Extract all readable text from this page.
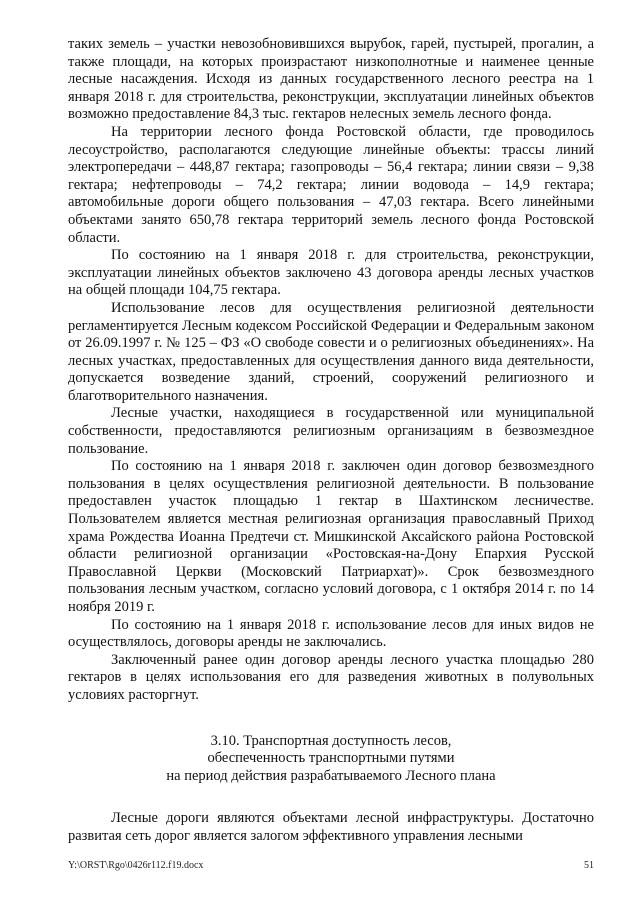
таких земель – участки невозобновившихся вырубок, гарей, пустырей, прогалин, а также площади, на которых произрастают низкополнотные и наименее ценные лесные насаждения. Исходя из данных государственного лесного реестра на 1 января 2018 г. для строительства, реконструкции, эксплуатации линейных объектов возможно предоставление 84,3 тыс. гектаров нелесных земель лесного фонда.

На территории лесного фонда Ростовской области, где проводилось лесоустройство, располагаются следующие линейные объекты: трассы линий электропередачи – 448,87 гектара; газопроводы – 56,4 гектара; линии связи – 9,38 гектара; нефтепроводы – 74,2 гектара; линии водовода – 14,9 гектара; автомобильные дороги общего пользования – 47,03 гектара. Всего линейными объектами занято 650,78 гектара территорий земель лесного фонда Ростовской области.

По состоянию на 1 января 2018 г. для строительства, реконструкции, эксплуатации линейных объектов заключено 43 договора аренды лесных участков на общей площади 104,75 гектара.

Использование лесов для осуществления религиозной деятельности регламентируется Лесным кодексом Российской Федерации и Федеральным законом от 26.09.1997 г. № 125 – ФЗ «О свободе совести и о религиозных объединениях». На лесных участках, предоставленных для осуществления данного вида деятельности, допускается возведение зданий, строений, сооружений религиозного и благотворительного назначения.

Лесные участки, находящиеся в государственной или муниципальной собственности, предоставляются религиозным организациям в безвозмездное пользование.

По состоянию на 1 января 2018 г. заключен один договор безвозмездного пользования в целях осуществления религиозной деятельности. В пользование предоставлен участок площадью 1 гектар в Шахтинском лесничестве. Пользователем является местная религиозная организация православный Приход храма Рождества Иоанна Предтечи ст. Мишкинской Аксайского района Ростовской области религиозной организации «Ростовская-на-Дону Епархия Русской Православной Церкви (Московский Патриархат)». Срок безвозмездного пользования лесным участком, согласно условий договора, с 1 октября 2014 г. по 14 ноября 2019 г.

По состоянию на 1 января 2018 г. использование лесов для иных видов не осуществлялось, договоры аренды не заключались.

Заключенный ранее один договор аренды лесного участка площадью 280 гектаров в целях использования его для разведения животных в полувольных условиях расторгнут.

3.10. Транспортная доступность лесов,
обеспеченность транспортными путями
на период действия разрабатываемого Лесного плана

Лесные дороги являются объектами лесной инфраструктуры. Достаточно развитая сеть дорог является залогом эффективного управления лесными

Y:\ORST\Rgo\0426r112.f19.docx	51
